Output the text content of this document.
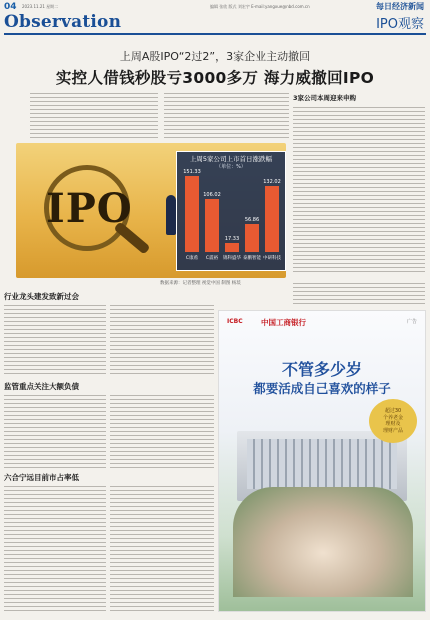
04 2023.11.21 星期二	编辑 张欣 版式 刘宏宇 E-mail:yangxue@nbd.com.cn	每日经济新闻
Observation	IPO观察
上周A股IPO“2过2”，3家企业主动撤回
实控人借钱秒股亏3000多万 海力威撤回IPO
IPO
上周5家公司上市首日涨跌幅
（单位：%）
151.33
C康希
106.02
C震裕
17.33
锦科盛华
56.86
泰鹏智能
132.02
中研科技
数据来源：记者整理 视觉中国 制图 杨琰
3家公司本周迎来申购
行业龙头建发致新过会
监管重点关注大额负债
六合宁远目前市占率低
ICBC 中国工商银行	广告
不管多少岁
都要活成自己喜欢的样子
超过30
个养老金
理财及
理财产品
